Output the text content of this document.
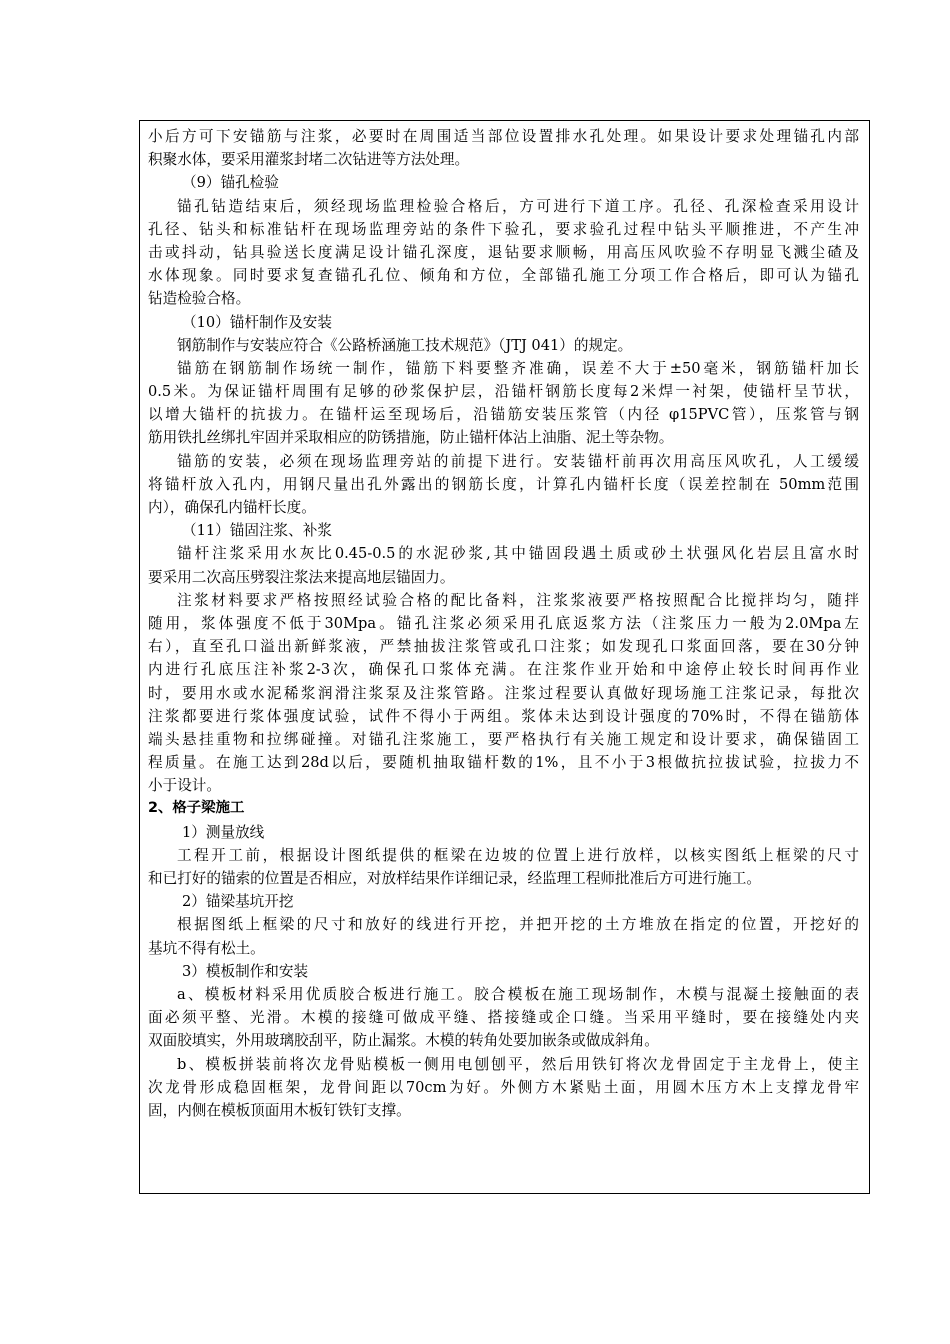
小后方可下安锚筋与注浆，必要时在周围适当部位设置排水孔处理。如果设计要求处理锚孔内部
积聚水体，要采用灌浆封堵二次钻进等方法处理。
（9）锚孔检验
锚孔钻造结束后，须经现场监理检验合格后，方可进行下道工序。孔径、孔深检查采用设计
孔径、钻头和标准钻杆在现场监理旁站的条件下验孔，要求验孔过程中钻头平顺推进，不产生冲
击或抖动，钻具验送长度满足设计锚孔深度，退钻要求顺畅，用高压风吹验不存明显飞溅尘碴及
水体现象。同时要求复查锚孔孔位、倾角和方位，全部锚孔施工分项工作合格后，即可认为锚孔
钻造检验合格。
（10）锚杆制作及安装
钢筋制作与安装应符合《公路桥涵施工技术规范》（JTJ 041）的规定。
锚筋在钢筋制作场统一制作，锚筋下料要整齐准确，误差不大于±50毫米，钢筋锚杆加长
0.5米。为保证锚杆周围有足够的砂浆保护层，沿锚杆钢筋长度每2米焊一衬架，使锚杆呈节状，
以增大锚杆的抗拔力。在锚杆运至现场后，沿锚筋安装压浆管（内径 φ15PVC管），压浆管与钢
筋用铁扎丝绑扎牢固并采取相应的防锈措施，防止锚杆体沾上油脂、泥土等杂物。
锚筋的安装，必须在现场监理旁站的前提下进行。安装锚杆前再次用高压风吹孔，人工缓缓
将锚杆放入孔内，用钢尺量出孔外露出的钢筋长度，计算孔内锚杆长度（误差控制在 50mm范围
内），确保孔内锚杆长度。
（11）锚固注浆、补浆
锚杆注浆采用水灰比0.45-0.5的水泥砂浆,其中锚固段遇土质或砂土状强风化岩层且富水时
要采用二次高压劈裂注浆法来提高地层锚固力。
注浆材料要求严格按照经试验合格的配比备料，注浆浆液要严格按照配合比搅拌均匀，随拌
随用，浆体强度不低于30Mpa。锚孔注浆必须采用孔底返浆方法（注浆压力一般为2.0Mpa左
右），直至孔口溢出新鲜浆液，严禁抽拔注浆管或孔口注浆；如发现孔口浆面回落，要在30分钟
内进行孔底压注补浆2-3次，确保孔口浆体充满。在注浆作业开始和中途停止较长时间再作业
时，要用水或水泥稀浆润滑注浆泵及注浆管路。注浆过程要认真做好现场施工注浆记录，每批次
注浆都要进行浆体强度试验，试件不得小于两组。浆体未达到设计强度的70%时，不得在锚筋体
端头悬挂重物和拉绑碰撞。对锚孔注浆施工，要严格执行有关施工规定和设计要求，确保锚固工
程质量。在施工达到28d以后，要随机抽取锚杆数的1%，且不小于3根做抗拉拔试验，拉拔力不
小于设计。
2、格子梁施工
1）测量放线
工程开工前，根据设计图纸提供的框梁在边坡的位置上进行放样，以核实图纸上框梁的尺寸
和已打好的锚索的位置是否相应，对放样结果作详细记录，经监理工程师批准后方可进行施工。
2）锚梁基坑开挖
根据图纸上框梁的尺寸和放好的线进行开挖，并把开挖的土方堆放在指定的位置，开挖好的
基坑不得有松土。
3）模板制作和安装
a、模板材料采用优质胶合板进行施工。胶合模板在施工现场制作，木模与混凝土接触面的表
面必须平整、光滑。木模的接缝可做成平缝、搭接缝或企口缝。当采用平缝时，要在接缝处内夹
双面胶填实，外用玻璃胶刮平，防止漏浆。木模的转角处要加嵌条或做成斜角。
b、模板拼装前将次龙骨贴模板一侧用电刨刨平，然后用铁钉将次龙骨固定于主龙骨上，使主
次龙骨形成稳固框架，龙骨间距以70cm为好。外侧方木紧贴土面，用圆木压方木上支撑龙骨牢
固，内侧在模板顶面用木板钉铁钉支撑。
